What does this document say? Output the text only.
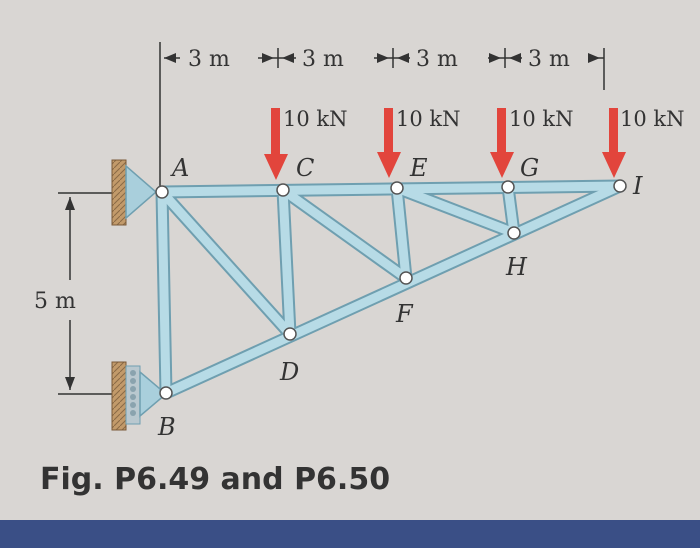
3 m	3 m	3 m	3 m
5 m
10 kN 10 kN 10 kN 10 kN
A
B
C
D
E
F
G
H
I
Fig. P6.49 and P6.50
